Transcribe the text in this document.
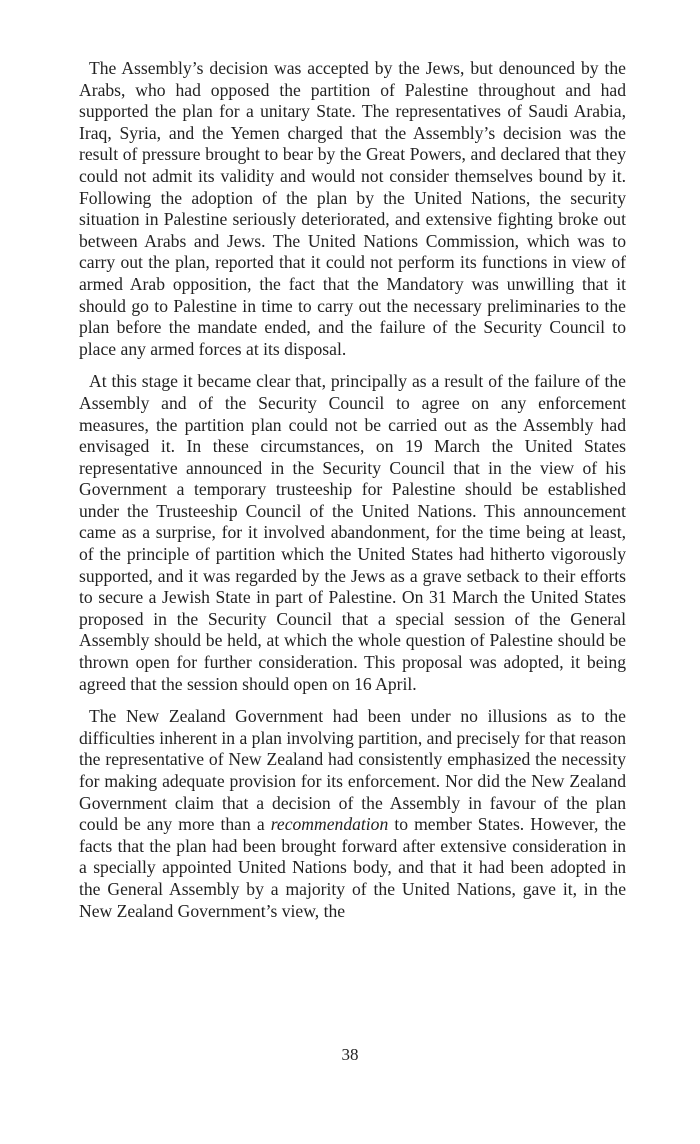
The Assembly’s decision was accepted by the Jews, but denounced by the Arabs, who had opposed the partition of Palestine throughout and had supported the plan for a unitary State. The representatives of Saudi Arabia, Iraq, Syria, and the Yemen charged that the Assembly’s decision was the result of pressure brought to bear by the Great Powers, and declared that they could not admit its validity and would not consider themselves bound by it. Following the adoption of the plan by the United Nations, the security situation in Palestine seriously deteriorated, and extensive fighting broke out between Arabs and Jews. The United Nations Commission, which was to carry out the plan, reported that it could not perform its functions in view of armed Arab opposition, the fact that the Mandatory was unwilling that it should go to Palestine in time to carry out the necessary preliminaries to the plan before the mandate ended, and the failure of the Security Council to place any armed forces at its disposal.

At this stage it became clear that, principally as a result of the failure of the Assembly and of the Security Council to agree on any enforcement measures, the partition plan could not be carried out as the Assembly had envisaged it. In these circumstances, on 19 March the United States representative announced in the Security Council that in the view of his Government a temporary trusteeship for Palestine should be established under the Trusteeship Council of the United Nations. This announcement came as a surprise, for it involved abandonment, for the time being at least, of the principle of partition which the United States had hitherto vigorously supported, and it was regarded by the Jews as a grave setback to their efforts to secure a Jewish State in part of Palestine. On 31 March the United States proposed in the Security Council that a special session of the General Assembly should be held, at which the whole question of Palestine should be thrown open for further consideration. This proposal was adopted, it being agreed that the session should open on 16 April.

The New Zealand Government had been under no illusions as to the difficulties inherent in a plan involving partition, and precisely for that reason the representative of New Zealand had consistently emphasized the necessity for making adequate provision for its enforcement. Nor did the New Zealand Government claim that a decision of the Assembly in favour of the plan could be any more than a recommendation to member States. However, the facts that the plan had been brought forward after extensive consideration in a specially appointed United Nations body, and that it had been adopted in the General Assembly by a majority of the United Nations, gave it, in the New Zealand Government’s view, the

38
